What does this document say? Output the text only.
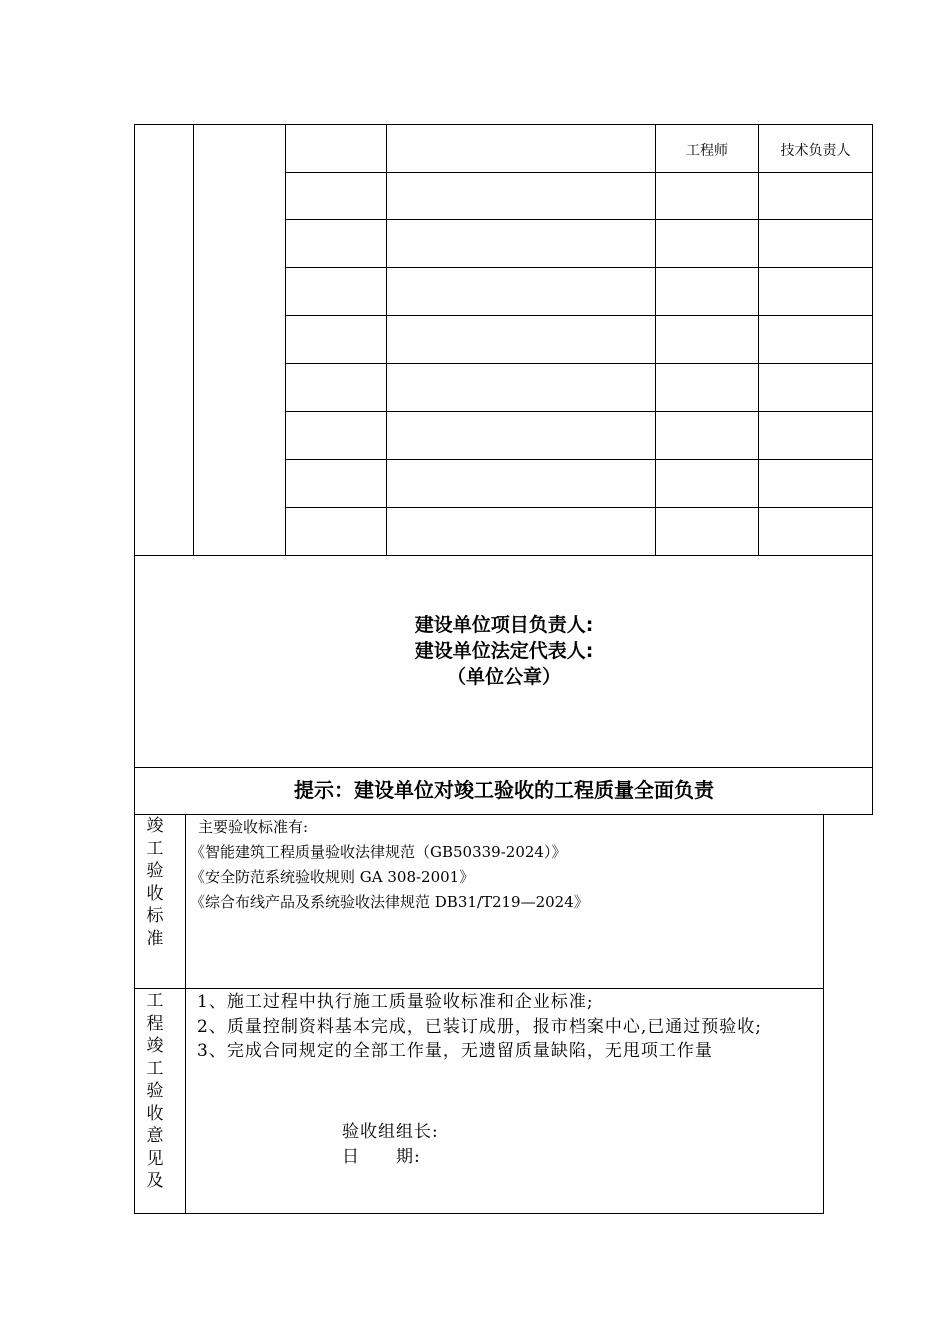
工程师	技术负责人
建设单位项目负责人:
建设单位法定代表人:
（单位公章）
提示：建设单位对竣工验收的工程质量全面负责
竣
工
验
收
标
准
主要验收标准有:
《智能建筑工程质量验收法律规范（GB50339-2024）》
《安全防范系统验收规则 GA 308-2001》
《综合布线产品及系统验收法律规范 DB31/T219—2024》
工
程
竣
工
验
收
意
见
及

1、施工过程中执行施工质量验收标准和企业标准;

2、质量控制资料基本完成，已装订成册，报市档案中心,已通过预验收;

3、完成合同规定的全部工作量，无遗留质量缺陷，无甩项工作量

验收组组长:
日　　期:
